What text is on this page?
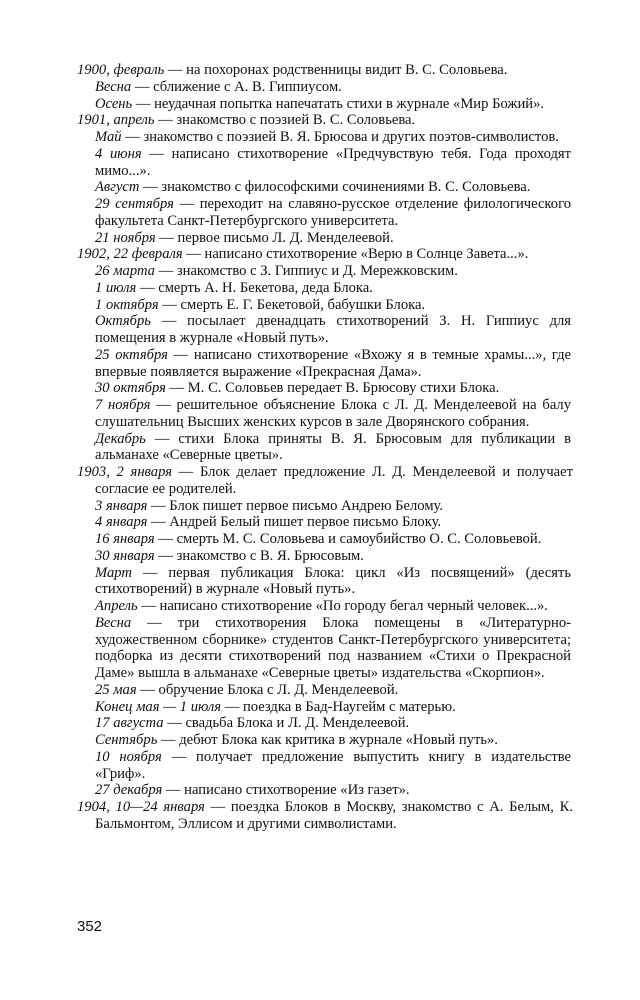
1900, февраль — на похоронах родственницы видит В. С. Соловьева.

Весна — сближение с А. В. Гиппиусом.

Осень — неудачная попытка напечатать стихи в журнале «Мир Божий».

1901, апрель — знакомство с поэзией В. С. Соловьева.

Май — знакомство с поэзией В. Я. Брюсова и других поэтов-символистов.

4 июня — написано стихотворение «Предчувствую тебя. Года проходят мимо...».

Август — знакомство с философскими сочинениями В. С. Соловьева.

29 сентября — переходит на славяно-русское отделение филологического факультета Санкт-Петербургского университета.

21 ноября — первое письмо Л. Д. Менделеевой.

1902, 22 февраля — написано стихотворение «Верю в Солнце Завета...».

26 марта — знакомство с З. Гиппиус и Д. Мережковским.

1 июля — смерть А. Н. Бекетова, деда Блока.

1 октября — смерть Е. Г. Бекетовой, бабушки Блока.

Октябрь — посылает двенадцать стихотворений З. Н. Гиппиус для помещения в журнале «Новый путь».

25 октября — написано стихотворение «Вхожу я в темные храмы...», где впервые появляется выражение «Прекрасная Дама».

30 октября — М. С. Соловьев передает В. Брюсову стихи Блока.

7 ноября — решительное объяснение Блока с Л. Д. Менделеевой на балу слушательниц Высших женских курсов в зале Дворянского собрания.

Декабрь — стихи Блока приняты В. Я. Брюсовым для публикации в альманахе «Северные цветы».

1903, 2 января — Блок делает предложение Л. Д. Менделеевой и получает согласие ее родителей.

3 января — Блок пишет первое письмо Андрею Белому.

4 января — Андрей Белый пишет первое письмо Блоку.

16 января — смерть М. С. Соловьева и самоубийство О. С. Соловьевой.

30 января — знакомство с В. Я. Брюсовым.

Март — первая публикация Блока: цикл «Из посвящений» (десять стихотворений) в журнале «Новый путь».

Апрель — написано стихотворение «По городу бегал черный человек...».

Весна — три стихотворения Блока помещены в «Литературно-художественном сборнике» студентов Санкт-Петербургского университета; подборка из десяти стихотворений под названием «Стихи о Прекрасной Даме» вышла в альманахе «Северные цветы» издательства «Скорпион».

25 мая — обручение Блока с Л. Д. Менделеевой.

Конец мая — 1 июля — поездка в Бад-Наугейм с матерью.

17 августа — свадьба Блока и Л. Д. Менделеевой.

Сентябрь — дебют Блока как критика в журнале «Новый путь».

10 ноября — получает предложение выпустить книгу в издательстве «Гриф».

27 декабря — написано стихотворение «Из газет».

1904, 10—24 января — поездка Блоков в Москву, знакомство с А. Белым, К. Бальмонтом, Эллисом и другими символистами.

352
